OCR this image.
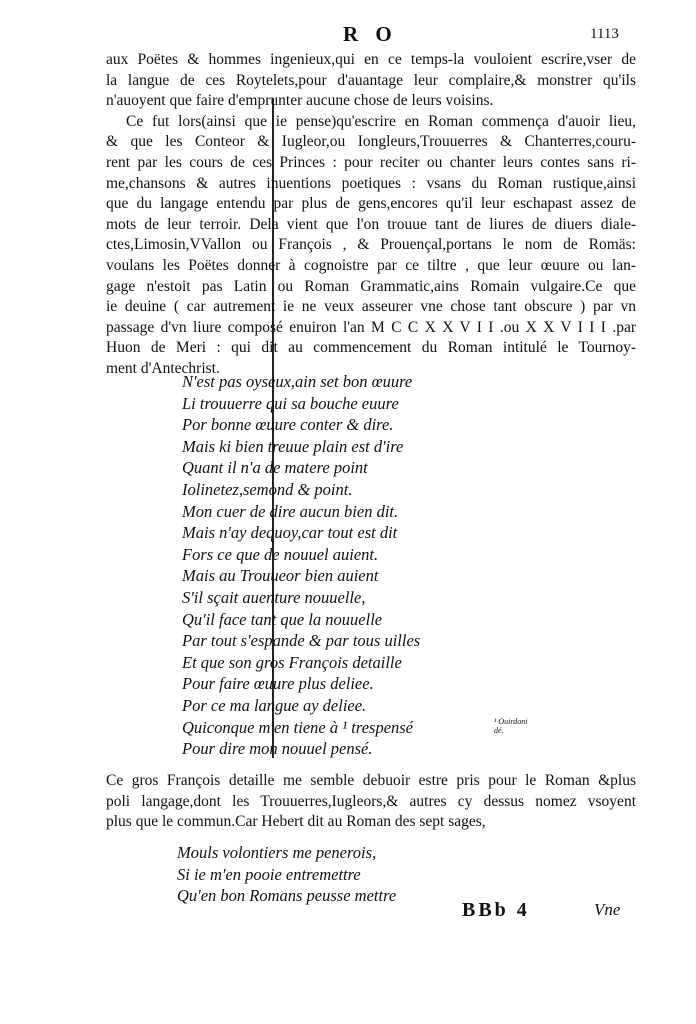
R O	1113
aux Poëtes & hommes ingenieux,qui en ce temps-la vouloient escrire,vser de
la langue de ces Roytelets,pour d'auantage leur complaire,& monstrer qu'ils
n'auoyent que faire d'emprunter aucune chose de leurs voisins.
Ce fut lors(ainsi que ie pense)qu'escrire en Roman commença d'auoir lieu,
& que les Conteor & Iugleor,ou Iongleurs,Trouuerres & Chanterres,couru-
rent par les cours de ces Princes : pour reciter ou chanter leurs contes sans ri-
me,chansons & autres inuentions poetiques : vsans du Roman rustique,ainsi
que du langage entendu par plus de gens,encores qu'il leur eschapast assez de
mots de leur terroir. Dela vient que l'on trouue tant de liures de diuers diale-
ctes,Limosin,VVallon ou François , & Prouençal,portans le nom de Romäs:
voulans les Poëtes donner à cognoistre par ce tiltre , que leur œuure ou lan-
gage n'estoit pas Latin ou Roman Grammatic,ains Romain vulgaire.Ce que
ie deuine ( car autrement ie ne veux asseurer vne chose tant obscure ) par vn
passage d'vn liure composé enuiron l'an M C C X X V I I .ou X X V I I I .par
Huon de Meri : qui dit au commencement du Roman intitulé le Tournoy-
ment d'Antechrist.
N'est pas oyseux,ain set bon œuure
Li trouuerre qui sa bouche euure
Por bonne œuure conter & dire.
Mais ki bien treuue plain est d'ire
Quant il n'a de matere point
Iolinetez,semond & point.
Mon cuer de dire aucun bien dit.
Mais n'ay dequoy,car tout est dit
Fors ce que de nouuel auient.
Mais au Trouueor bien auient
S'il sçait auenture nouuelle,
Qu'il face tant que la nouuelle
Par tout s'espande & par tous uilles
Et que son gros François detaille
Pour faire œuure plus deliee.
Por ce ma langue ay deliee.
Quiconque m'en tiene à ¹ trespensé
Pour dire mon nouuel pensé.
¹ Ouirdoni
dé.
Ce gros François detaille me semble debuoir estre pris pour le Roman &plus
poli langage,dont les Trouuerres,Iugleors,& autres cy dessus nomez vsoyent
plus que le commun.Car Hebert dit au Roman des sept sages,
Mouls volontiers me penerois,
Si ie m'en pooie entremettre
Qu'en bon Romans peusse mettre
BBb 4	Vne
